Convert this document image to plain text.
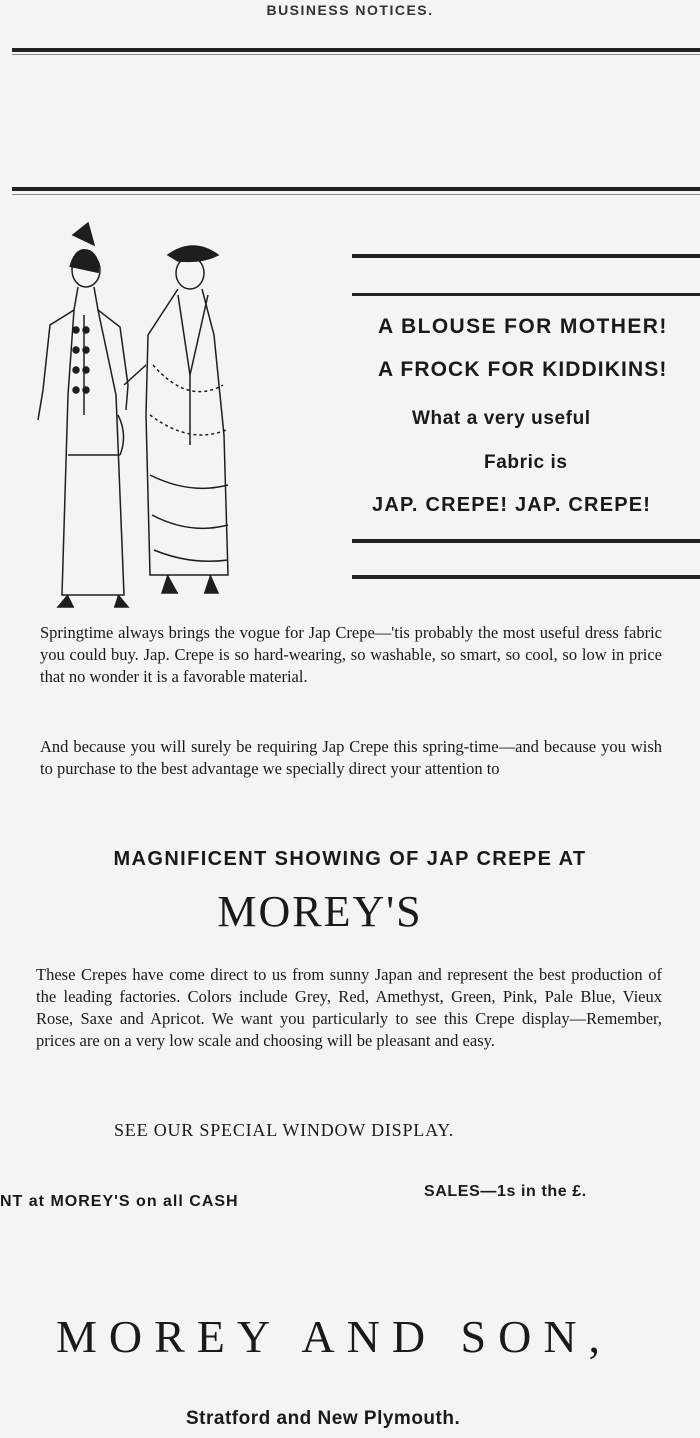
BUSINESS NOTICES.
A BLOUSE FOR MOTHER!
A FROCK FOR KIDDIKINS!
What a very useful
Fabric is
JAP. CREPE! JAP. CREPE!
Springtime always brings the vogue for Jap Crepe—'tis probably the most useful dress fabric you could buy. Jap. Crepe is so hard-wearing, so washable, so smart, so cool, so low in price that no wonder it is a favorable material.
And because you will surely be requiring Jap Crepe this spring-time—and because you wish to purchase to the best advantage we specially direct your attention to
MAGNIFICENT SHOWING OF JAP CREPE AT
MOREY'S
These Crepes have come direct to us from sunny Japan and represent the best production of the leading factories. Colors include Grey, Red, Amethyst, Green, Pink, Pale Blue, Vieux Rose, Saxe and Apricot. We want you particularly to see this Crepe display—Remember, prices are on a very low scale and choosing will be pleasant and easy.
SEE OUR SPECIAL WINDOW DISPLAY.
NT at MOREY'S on all CASH
SALES—1s in the £.
MOREY AND SON,
Stratford and New Plymouth.
